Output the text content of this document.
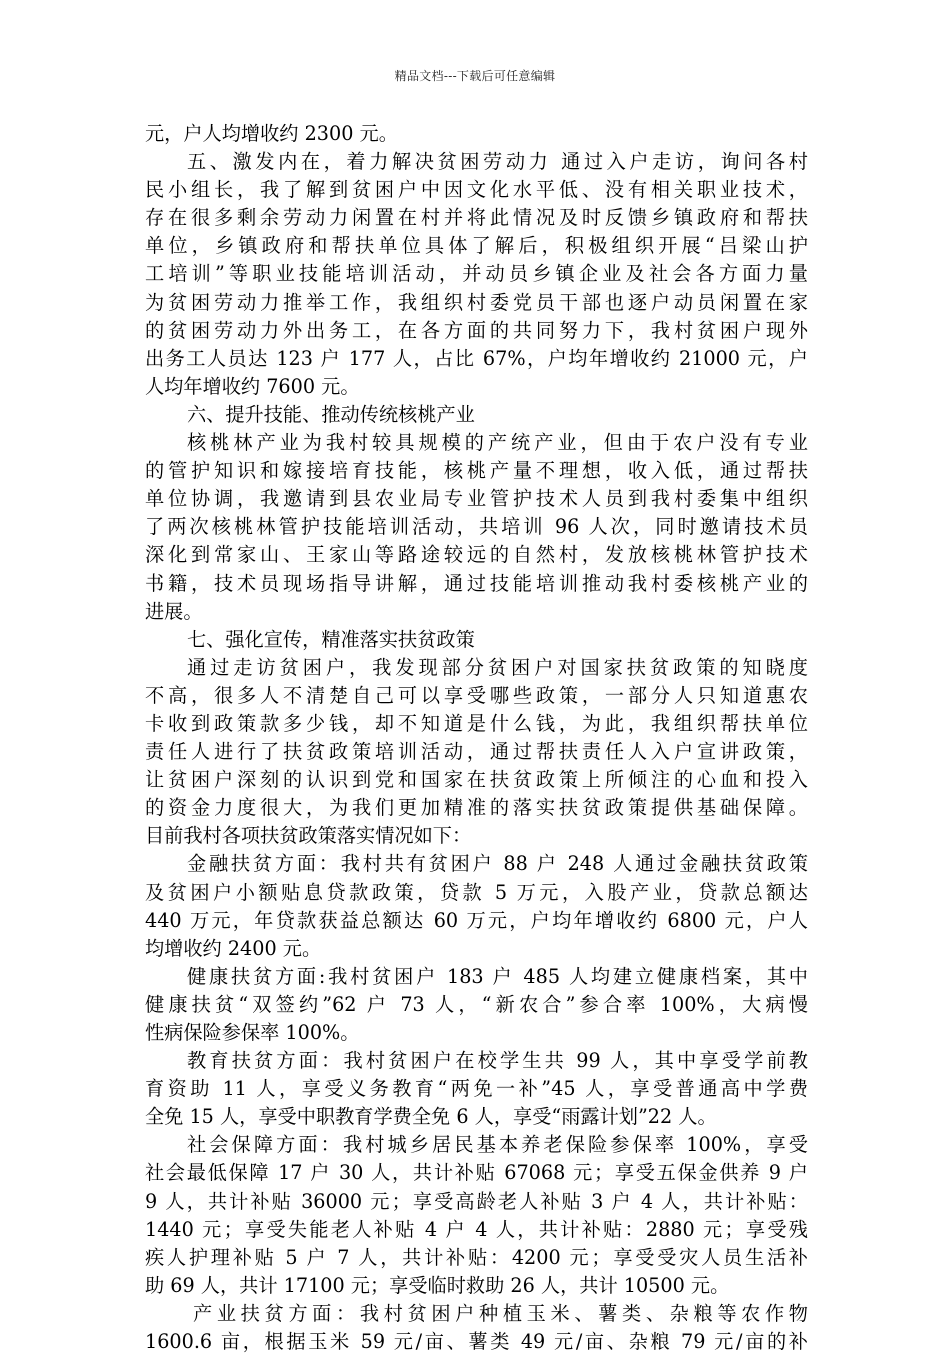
精品文档---下载后可任意编辑
元，户人均增收约 2300 元。
五、激发内在，着力解决贫困劳动力 通过入户走访，询问各村
民小组长，我了解到贫困户中因文化水平低、没有相关职业技术，
存在很多剩余劳动力闲置在村并将此情况及时反馈乡镇政府和帮扶
单位，乡镇政府和帮扶单位具体了解后，积极组织开展“吕梁山护
工培训”等职业技能培训活动，并动员乡镇企业及社会各方面力量
为贫困劳动力推举工作，我组织村委党员干部也逐户动员闲置在家
的贫困劳动力外出务工，在各方面的共同努力下，我村贫困户现外
出务工人员达 123 户 177 人，占比 67%，户均年增收约 21000 元，户
人均年增收约 7600 元。
六、提升技能、推动传统核桃产业
核桃林产业为我村较具规模的产统产业，但由于农户没有专业
的管护知识和嫁接培育技能，核桃产量不理想，收入低，通过帮扶
单位协调，我邀请到县农业局专业管护技术人员到我村委集中组织
了两次核桃林管护技能培训活动，共培训 96 人次，同时邀请技术员
深化到常家山、王家山等路途较远的自然村，发放核桃林管护技术
书籍，技术员现场指导讲解，通过技能培训推动我村委核桃产业的
进展。
七、强化宣传，精准落实扶贫政策
通过走访贫困户，我发现部分贫困户对国家扶贫政策的知晓度
不高，很多人不清楚自己可以享受哪些政策，一部分人只知道惠农
卡收到政策款多少钱，却不知道是什么钱，为此，我组织帮扶单位
责任人进行了扶贫政策培训活动，通过帮扶责任人入户宣讲政策，
让贫困户深刻的认识到党和国家在扶贫政策上所倾注的心血和投入
的资金力度很大，为我们更加精准的落实扶贫政策提供基础保障。
目前我村各项扶贫政策落实情况如下：
金融扶贫方面：我村共有贫困户 88 户 248 人通过金融扶贫政策
及贫困户小额贴息贷款政策，贷款 5 万元，入股产业，贷款总额达
440 万元，年贷款获益总额达 60 万元，户均年增收约 6800 元，户人
均增收约 2400 元。
健康扶贫方面:我村贫困户 183 户 485 人均建立健康档案，其中
健康扶贫“双签约”62 户 73 人，“新农合”参合率 100%，大病慢
性病保险参保率 100%。
教育扶贫方面：我村贫困户在校学生共 99 人，其中享受学前教
育资助 11 人，享受义务教育“两免一补”45 人，享受普通高中学费
全免 15 人，享受中职教育学费全免 6 人，享受“雨露计划”22 人。
社会保障方面：我村城乡居民基本养老保险参保率 100%，享受
社会最低保障 17 户 30 人，共计补贴 67068 元；享受五保金供养 9 户
9 人，共计补贴 36000 元；享受高龄老人补贴 3 户 4 人，共计补贴：
1440 元；享受失能老人补贴 4 户 4 人，共计补贴：2880 元；享受残
疾人护理补贴 5 户 7 人，共计补贴：4200 元；享受受灾人员生活补
助 69 人，共计 17100 元；享受临时救助 26 人，共计 10500 元。
产业扶贫方面：我村贫困户种植玉米、薯类、杂粮等农作物
1600.6 亩，根据玉米 59 元/亩、薯类 49 元/亩、杂粮 79 元/亩的补
